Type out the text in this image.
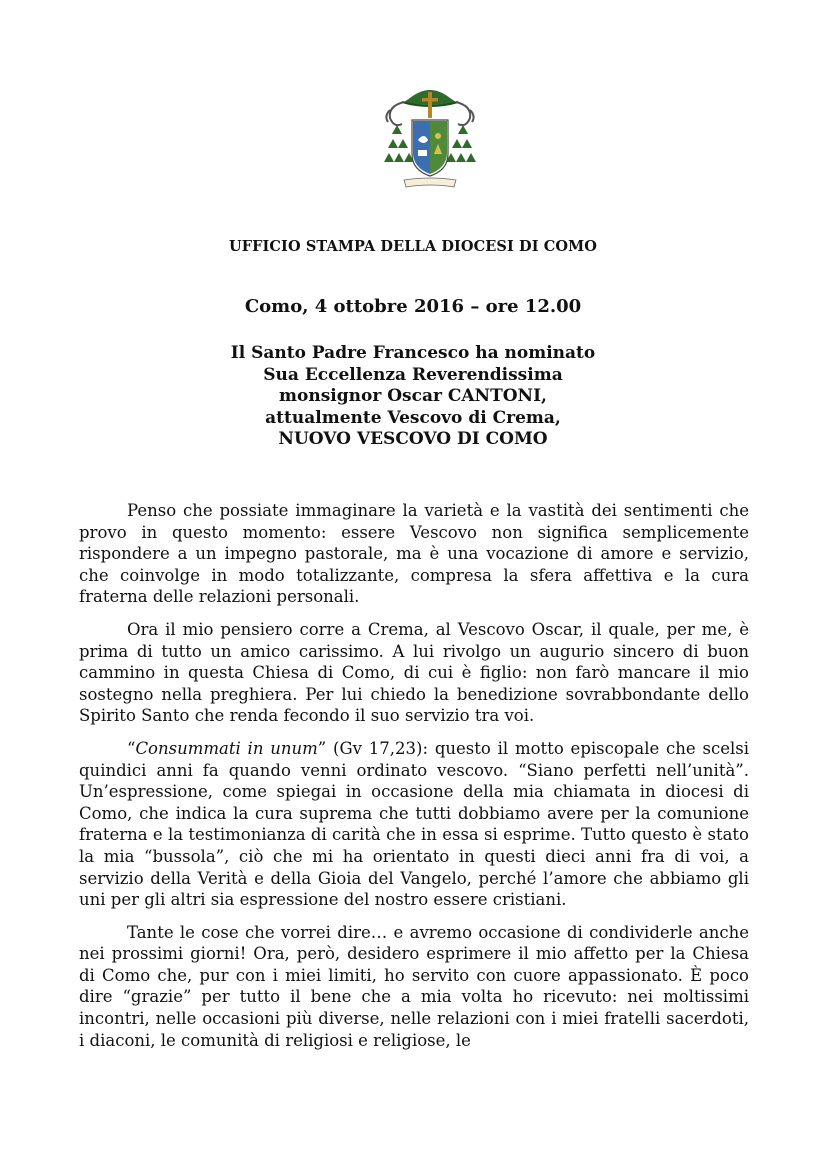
UFFICIO STAMPA DELLA DIOCESI DI COMO
Como, 4 ottobre 2016 – ore 12.00
Il Santo Padre Francesco ha nominato
Sua Eccellenza Reverendissima
monsignor Oscar CANTONI,
attualmente Vescovo di Crema,
NUOVO VESCOVO DI COMO

Penso che possiate immaginare la varietà e la vastità dei sentimenti che provo in questo momento: essere Vescovo non significa semplicemente rispondere a un impegno pastorale, ma è una vocazione di amore e servizio, che coinvolge in modo totalizzante, compresa la sfera affettiva e la cura fraterna delle relazioni personali.

Ora il mio pensiero corre a Crema, al Vescovo Oscar, il quale, per me, è prima di tutto un amico carissimo. A lui rivolgo un augurio sincero di buon cammino in questa Chiesa di Como, di cui è figlio: non farò mancare il mio sostegno nella preghiera. Per lui chiedo la benedizione sovrabbondante dello Spirito Santo che renda fecondo il suo servizio tra voi.

“Consummati in unum” (Gv 17,23): questo il motto episcopale che scelsi quindici anni fa quando venni ordinato vescovo. “Siano perfetti nell’unità”. Un’espressione, come spiegai in occasione della mia chiamata in diocesi di Como, che indica la cura suprema che tutti dobbiamo avere per la comunione fraterna e la testimonianza di carità che in essa si esprime. Tutto questo è stato la mia “bussola”, ciò che mi ha orientato in questi dieci anni fra di voi, a servizio della Verità e della Gioia del Vangelo, perché l’amore che abbiamo gli uni per gli altri sia espressione del nostro essere cristiani.

Tante le cose che vorrei dire… e avremo occasione di condividerle anche nei prossimi giorni! Ora, però, desidero esprimere il mio affetto per la Chiesa di Como che, pur con i miei limiti, ho servito con cuore appassionato. È poco dire “grazie” per tutto il bene che a mia volta ho ricevuto: nei moltissimi incontri, nelle occasioni più diverse, nelle relazioni con i miei fratelli sacerdoti, i diaconi, le comunità di religiosi e religiose, le
